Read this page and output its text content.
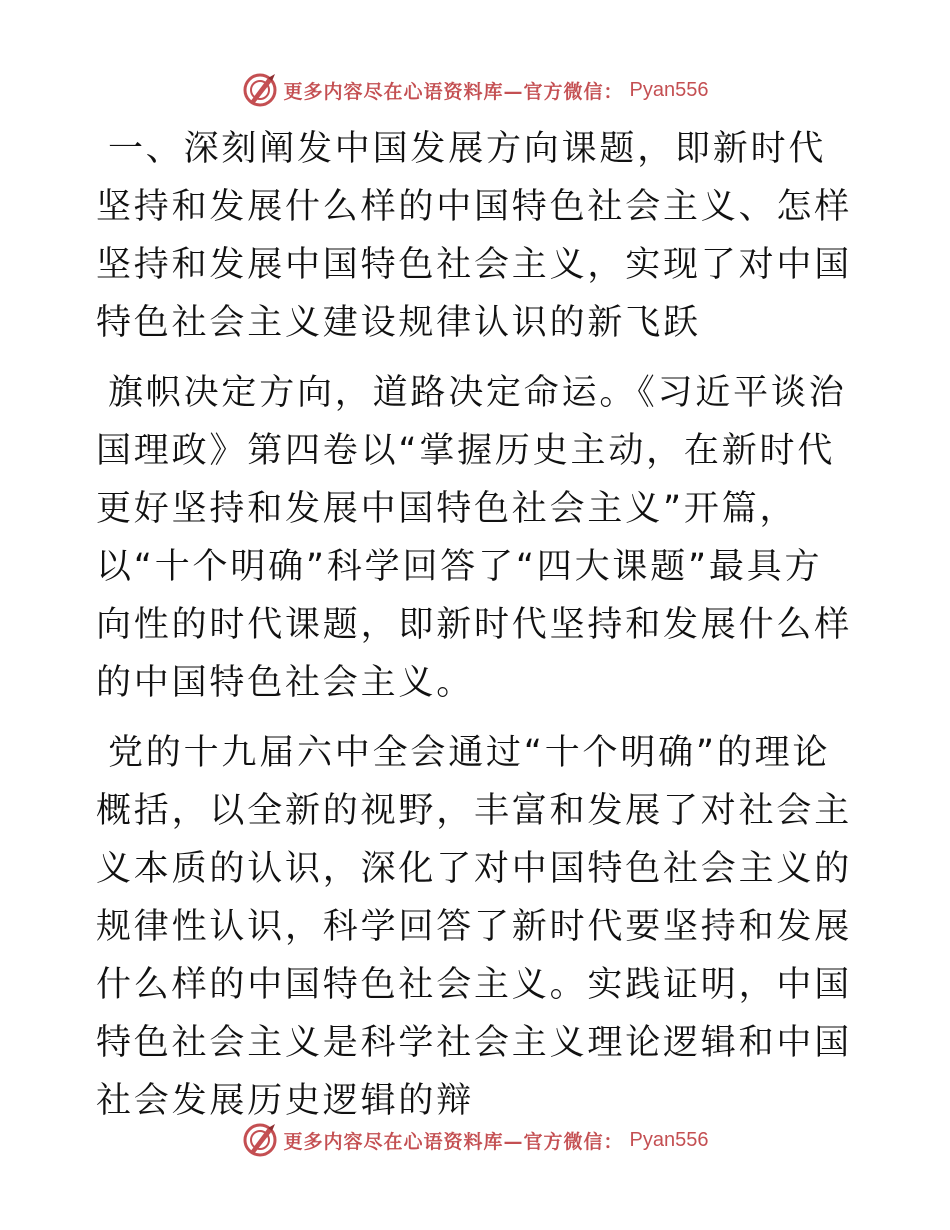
更多内容尽在心语资料库—官方微信： Pyan556

一、深刻阐发中国发展方向课题，即新时代坚持和发展什么样的中国特色社会主义、怎样坚持和发展中国特色社会主义，实现了对中国特色社会主义建设规律认识的新飞跃

旗帜决定方向，道路决定命运。《习近平谈治国理政》第四卷以“掌握历史主动，在新时代更好坚持和发展中国特色社会主义”开篇，以“十个明确”科学回答了“四大课题”最具方向性的时代课题，即新时代坚持和发展什么样的中国特色社会主义。

党的十九届六中全会通过“十个明确”的理论概括，以全新的视野，丰富和发展了对社会主义本质的认识，深化了对中国特色社会主义的规律性认识，科学回答了新时代要坚持和发展什么样的中国特色社会主义。实践证明，中国特色社会主义是科学社会主义理论逻辑和中国社会发展历史逻辑的辩

更多内容尽在心语资料库—官方微信： Pyan556
